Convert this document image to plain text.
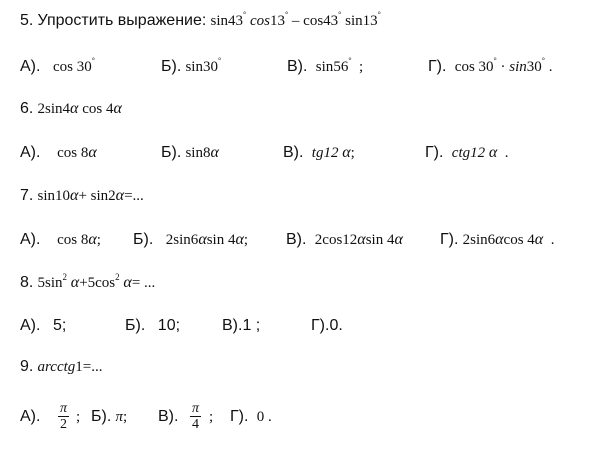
5. Упростить выражение: sin43° cos13° – cos43° sin13°
А). cos 30°	Б). sin30°	В). sin56° ;	Г). cos 30° · sin30° .
6. 2sin4α cos 4α
А). cos 8α	Б). sin8α	В). tg12 α;	Г). ctg12 α .
7. sin10α+ sin2α=...
А). cos 8α; Б). 2sin6αsin 4α; В). 2cos12αsin 4α Г). 2sin6αcos 4α .
8. $5\sin^2$ $\alpha+5\cos^2$ α= ...
А). 5;	Б). 10;	В).1 ;	Г).0.
9. arcctg1=...
А).	$\frac{\pi}{2}$ ; Б). π; В). $\frac{\pi}{4}$ ; Г). 0 .
